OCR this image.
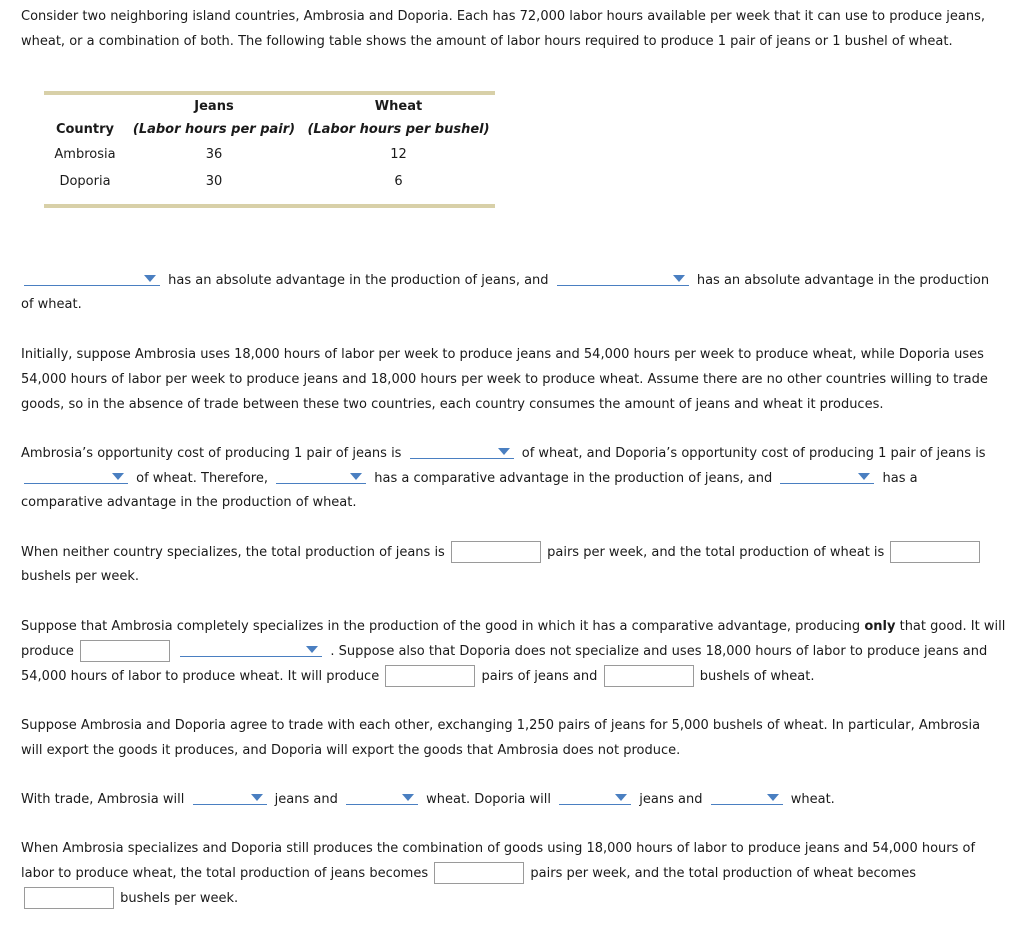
Consider two neighboring island countries, Ambrosia and Doporia. Each has 72,000 labor hours available per week that it can use to produce jeans, wheat, or a combination of both. The following table shows the amount of labor hours required to produce 1 pair of jeans or 1 bushel of wheat.

	Jeans	Wheat
Country	(Labor hours per pair)	(Labor hours per bushel)
Ambrosia	36	12
Doporia	30	6

has an absolute advantage in the production of jeans, and	has an absolute advantage in the production
of wheat.

Initially, suppose Ambrosia uses 18,000 hours of labor per week to produce jeans and 54,000 hours per week to produce wheat, while Doporia uses 54,000 hours of labor per week to produce jeans and 18,000 hours per week to produce wheat. Assume there are no other countries willing to trade goods, so in the absence of trade between these two countries, each country consumes the amount of jeans and wheat it produces.

Ambrosia’s opportunity cost of producing 1 pair of jeans is	of wheat, and Doporia’s opportunity cost of producing 1 pair of jeans is
of wheat. Therefore,	has a comparative advantage in the production of jeans, and	has a
comparative advantage in the production of wheat.
When neither country specializes, the total production of jeans is	pairs per week, and the total production of wheat is
bushels per week.
Suppose that Ambrosia completely specializes in the production of the good in which it has a comparative advantage, producing only that good. It will
produce	. Suppose also that Doporia does not specialize and uses 18,000 hours of labor to produce jeans and
54,000 hours of labor to produce wheat. It will produce	pairs of jeans and	bushels of wheat.

Suppose Ambrosia and Doporia agree to trade with each other, exchanging 1,250 pairs of jeans for 5,000 bushels of wheat. In particular, Ambrosia will export the goods it produces, and Doporia will export the goods that Ambrosia does not produce.

With trade, Ambrosia will	jeans and	wheat. Doporia will	jeans and	wheat.
When Ambrosia specializes and Doporia still produces the combination of goods using 18,000 hours of labor to produce jeans and 54,000 hours of
labor to produce wheat, the total production of jeans becomes	pairs per week, and the total production of wheat becomes
bushels per week.
